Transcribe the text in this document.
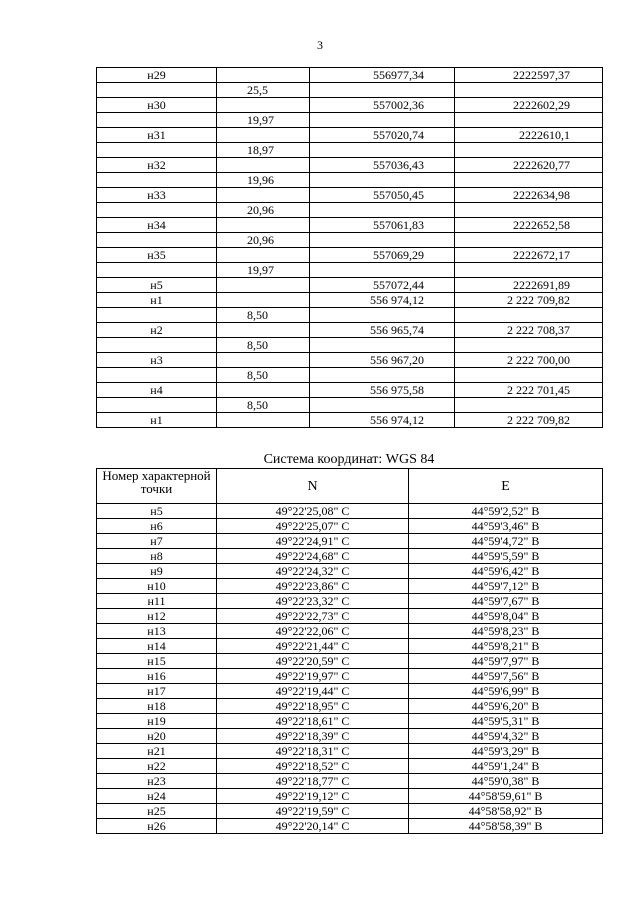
3
н29		556977,34	2222597,37
	25,5		
н30		557002,36	2222602,29
	19,97		
н31		557020,74	2222610,1
	18,97		
н32		557036,43	2222620,77
	19,96		
н33		557050,45	2222634,98
	20,96		
н34		557061,83	2222652,58
	20,96		
н35		557069,29	2222672,17
	19,97		
н5		557072,44	2222691,89
н1		556 974,12	2 222 709,82
	8,50		
н2		556 965,74	2 222 708,37
	8,50		
н3		556 967,20	2 222 700,00
	8,50		
н4		556 975,58	2 222 701,45
	8,50		
н1		556 974,12	2 222 709,82
Система координат: WGS 84
Номер характерной точки	N	E
н5	49°22'25,08" С	44°59'2,52" В
н6	49°22'25,07" С	44°59'3,46" В
н7	49°22'24,91" С	44°59'4,72" В
н8	49°22'24,68" С	44°59'5,59" В
н9	49°22'24,32" С	44°59'6,42" В
н10	49°22'23,86" С	44°59'7,12" В
н11	49°22'23,32" С	44°59'7,67" В
н12	49°22'22,73" С	44°59'8,04" В
н13	49°22'22,06" С	44°59'8,23" В
н14	49°22'21,44" С	44°59'8,21" В
н15	49°22'20,59" С	44°59'7,97" В
н16	49°22'19,97" С	44°59'7,56" В
н17	49°22'19,44" С	44°59'6,99" В
н18	49°22'18,95" С	44°59'6,20" В
н19	49°22'18,61" С	44°59'5,31" В
н20	49°22'18,39" С	44°59'4,32" В
н21	49°22'18,31" С	44°59'3,29" В
н22	49°22'18,52" С	44°59'1,24" В
н23	49°22'18,77" С	44°59'0,38" В
н24	49°22'19,12" С	44°58'59,61" В
н25	49°22'19,59" С	44°58'58,92" В
н26	49°22'20,14" С	44°58'58,39" В
